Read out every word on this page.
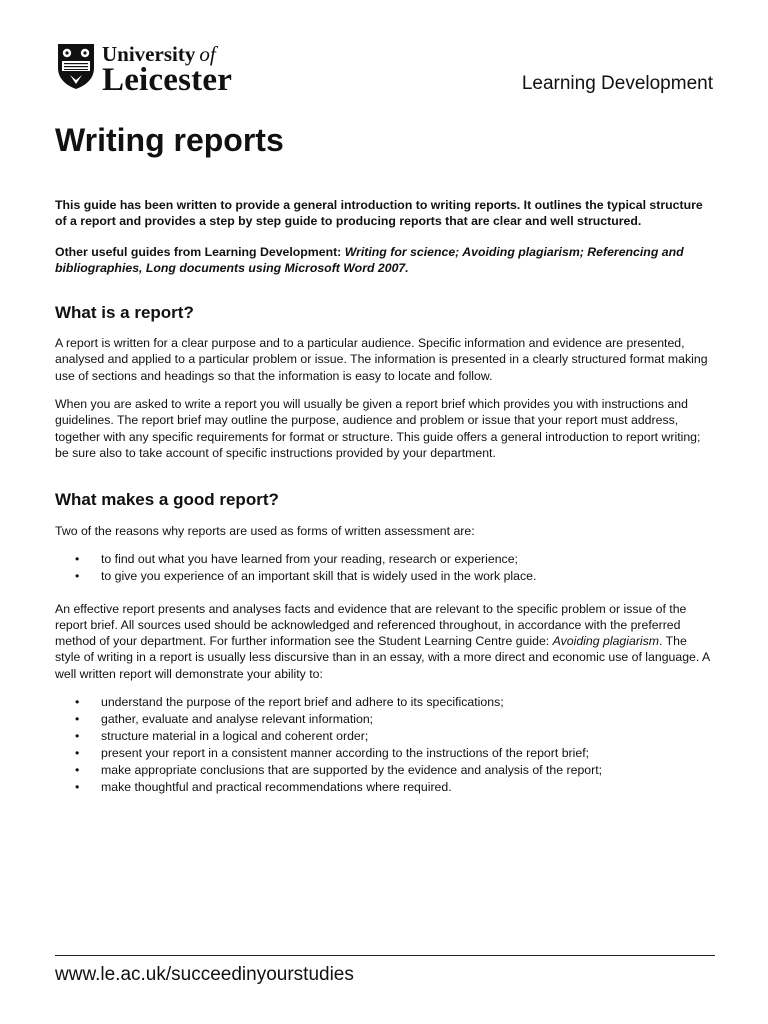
University of
Leicester	Learning Development
Writing reports

This guide has been written to provide a general introduction to writing reports. It outlines the typical structure of a report and provides a step by step guide to producing reports that are clear and well structured.

Other useful guides from Learning Development: Writing for science; Avoiding plagiarism; Referencing and bibliographies, Long documents using Microsoft Word 2007.

What is a report?

A report is written for a clear purpose and to a particular audience. Specific information and evidence are presented, analysed and applied to a particular problem or issue. The information is presented in a clearly structured format making use of sections and headings so that the information is easy to locate and follow.

When you are asked to write a report you will usually be given a report brief which provides you with instructions and guidelines. The report brief may outline the purpose, audience and problem or issue that your report must address, together with any specific requirements for format or structure. This guide offers a general introduction to report writing; be sure also to take account of specific instructions provided by your department.

What makes a good report?

Two of the reasons why reports are used as forms of written assessment are:

• to find out what you have learned from your reading, research or experience;
• to give you experience of an important skill that is widely used in the work place.

An effective report presents and analyses facts and evidence that are relevant to the specific problem or issue of the report brief. All sources used should be acknowledged and referenced throughout, in accordance with the preferred method of your department. For further information see the Student Learning Centre guide: Avoiding plagiarism. The style of writing in a report is usually less discursive than in an essay, with a more direct and economic use of language. A well written report will demonstrate your ability to:

• understand the purpose of the report brief and adhere to its specifications;
• gather, evaluate and analyse relevant information;
• structure material in a logical and coherent order;
• present your report in a consistent manner according to the instructions of the report brief;
• make appropriate conclusions that are supported by the evidence and analysis of the report;
• make thoughtful and practical recommendations where required.
www.le.ac.uk/succeedinyourstudies
